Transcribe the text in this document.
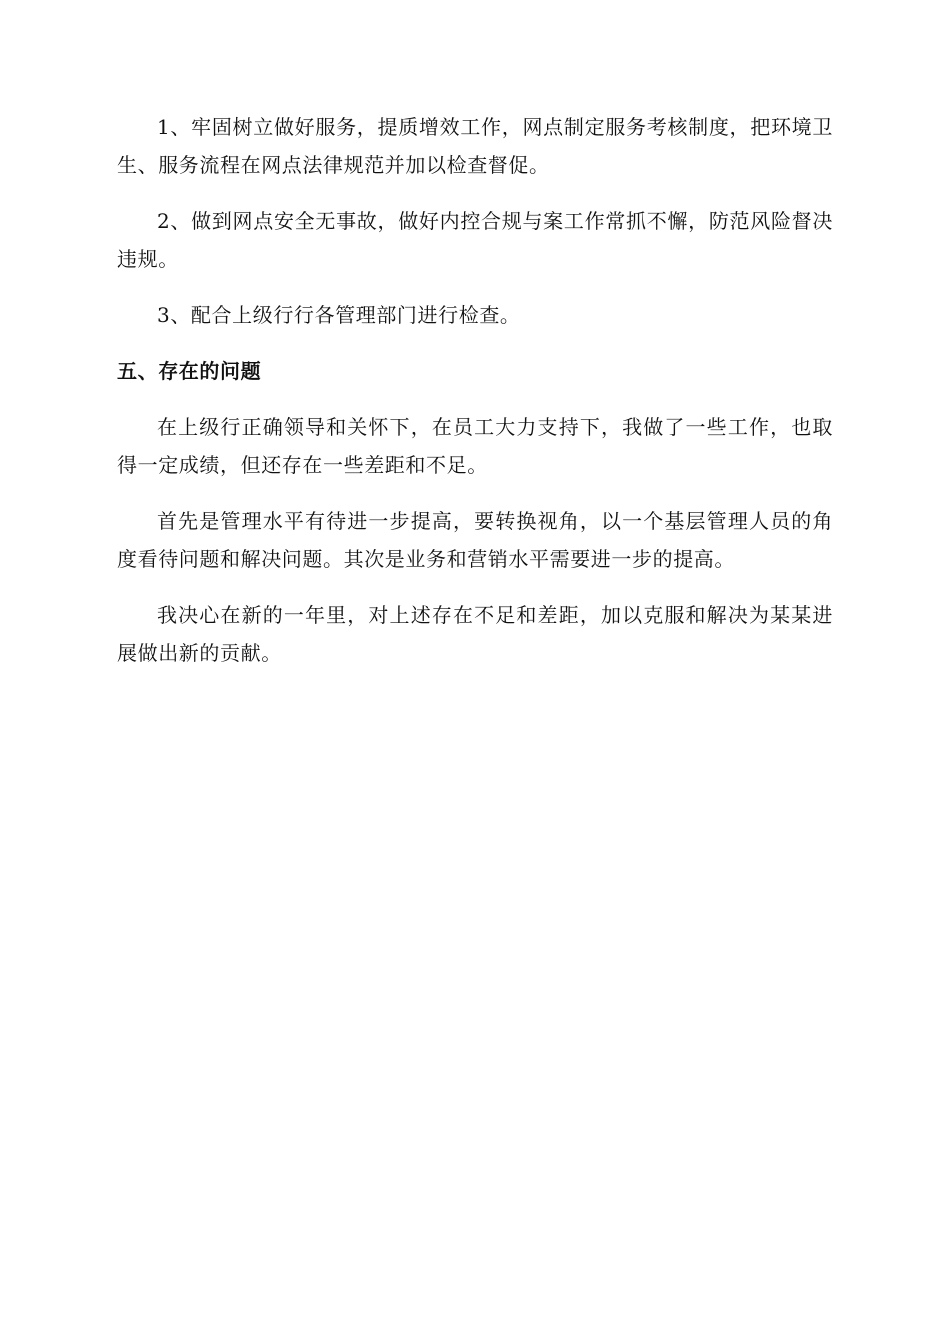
1、牢固树立做好服务，提质增效工作，网点制定服务考核制度，把环境卫生、服务流程在网点法律规范并加以检查督促。

2、做到网点安全无事故，做好内控合规与案工作常抓不懈，防范风险督决违规。

3、配合上级行行各管理部门进行检查。

五、存在的问题

在上级行正确领导和关怀下，在员工大力支持下，我做了一些工作，也取得一定成绩，但还存在一些差距和不足。

首先是管理水平有待进一步提高，要转换视角，以一个基层管理人员的角度看待问题和解决问题。其次是业务和营销水平需要进一步的提高。

我决心在新的一年里，对上述存在不足和差距，加以克服和解决为某某进展做出新的贡献。
